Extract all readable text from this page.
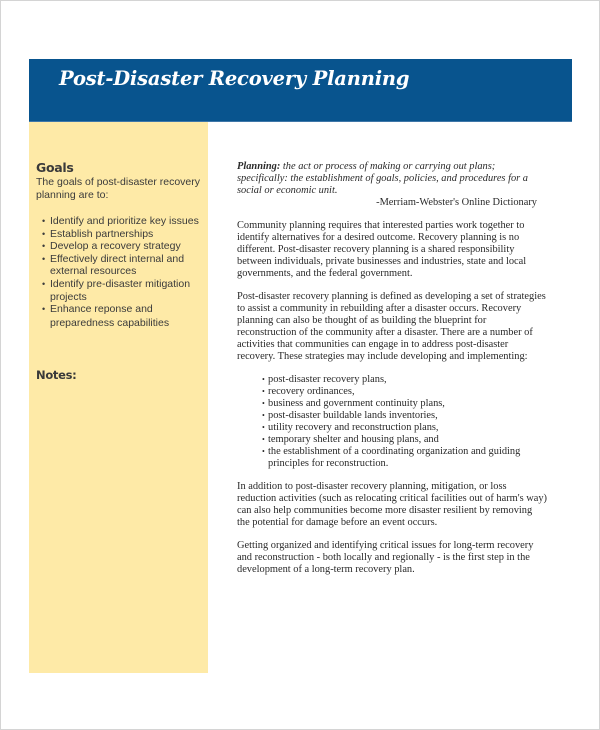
Post-Disaster Recovery Planning
Goals
The goals of post-disaster recovery planning are to:
• Identify and prioritize key issues
• Establish partnerships
• Develop a recovery strategy
• Effectively direct internal and external resources
• Identify pre-disaster mitigation projects
• Enhance reponse and
preparedness capabilities
Notes:
Planning: the act or process of making or carrying out plans; specifically: the establishment of goals, policies, and procedures for a social or economic unit.
-Merriam-Webster's Online Dictionary

Community planning requires that interested parties work together to identify alternatives for a desired outcome. Recovery planning is no different. Post-disaster recovery planning is a shared responsibility between individuals, private businesses and industries, state and local governments, and the federal government.

Post-disaster recovery planning is defined as developing a set of strategies to assist a community in rebuilding after a disaster occurs. Recovery planning can also be thought of as building the blueprint for reconstruction of the community after a disaster. There are a number of activities that communities can engage in to address post-disaster recovery. These strategies may include developing and implementing:

• post-disaster recovery plans,
• recovery ordinances,
• business and government continuity plans,
• post-disaster buildable lands inventories,
• utility recovery and reconstruction plans,
• temporary shelter and housing plans, and
• the establishment of a coordinating organization and guiding principles for reconstruction.

In addition to post-disaster recovery planning, mitigation, or loss reduction activities (such as relocating critical facilities out of harm's way) can also help communities become more disaster resilient by removing the potential for damage before an event occurs.

Getting organized and identifying critical issues for long-term recovery and reconstruction - both locally and regionally - is the first step in the development of a long-term recovery plan.
